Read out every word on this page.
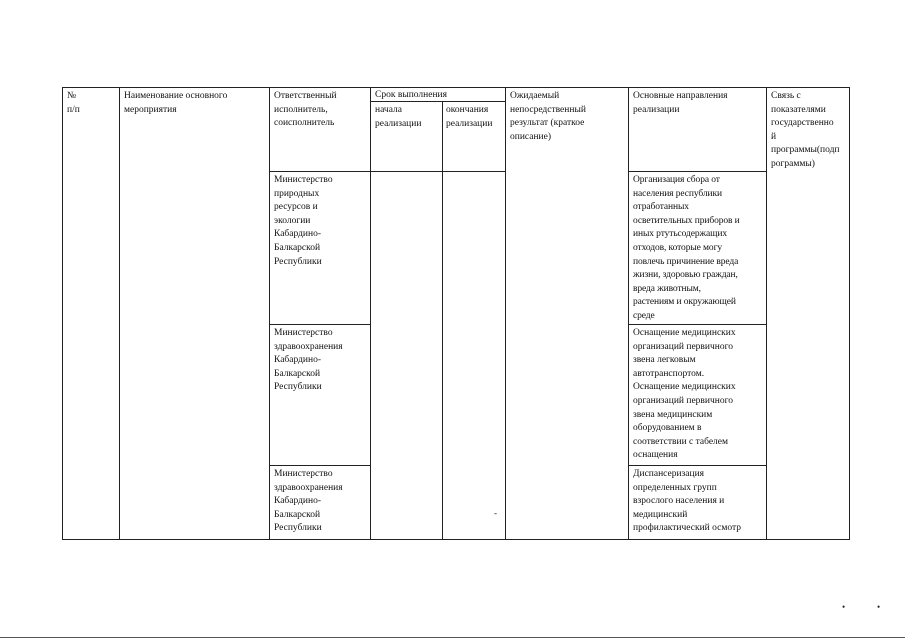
№
п/п
Наименование основного
мероприятия
Ответственный
исполнитель,
соисполнитель
Срок выполнения
начала
реализации
окончания
реализации
Ожидаемый
непосредственный
результат (краткое
описание)
Основные направления
реализации
Связь с
показателями
государственно
й
программы(подп
рограммы)
Министерство
природных
ресурсов и
экологии
Кабардино-
Балкарской
Республики
Организация сбора от
населения республики
отработанных
осветительных приборов и
иных ртутьсодержащих
отходов, которые могу
повлечь причинение вреда
жизни, здоровью граждан,
вреда животным,
растениям и окружающей
среде
Министерство
здравоохранения
Кабардино-
Балкарской
Республики
Оснащение медицинских
организаций первичного
звена легковым
автотранспортом.
Оснащение медицинских
организаций первичного
звена медицинским
оборудованием в
соответствии с табелем
оснащения
Министерство
здравоохранения
Кабардино-
Балкарской
Республики
Диспансеризация
определенных групп
взрослого населения и
медицинский
профилактический осмотр
-
•	•
